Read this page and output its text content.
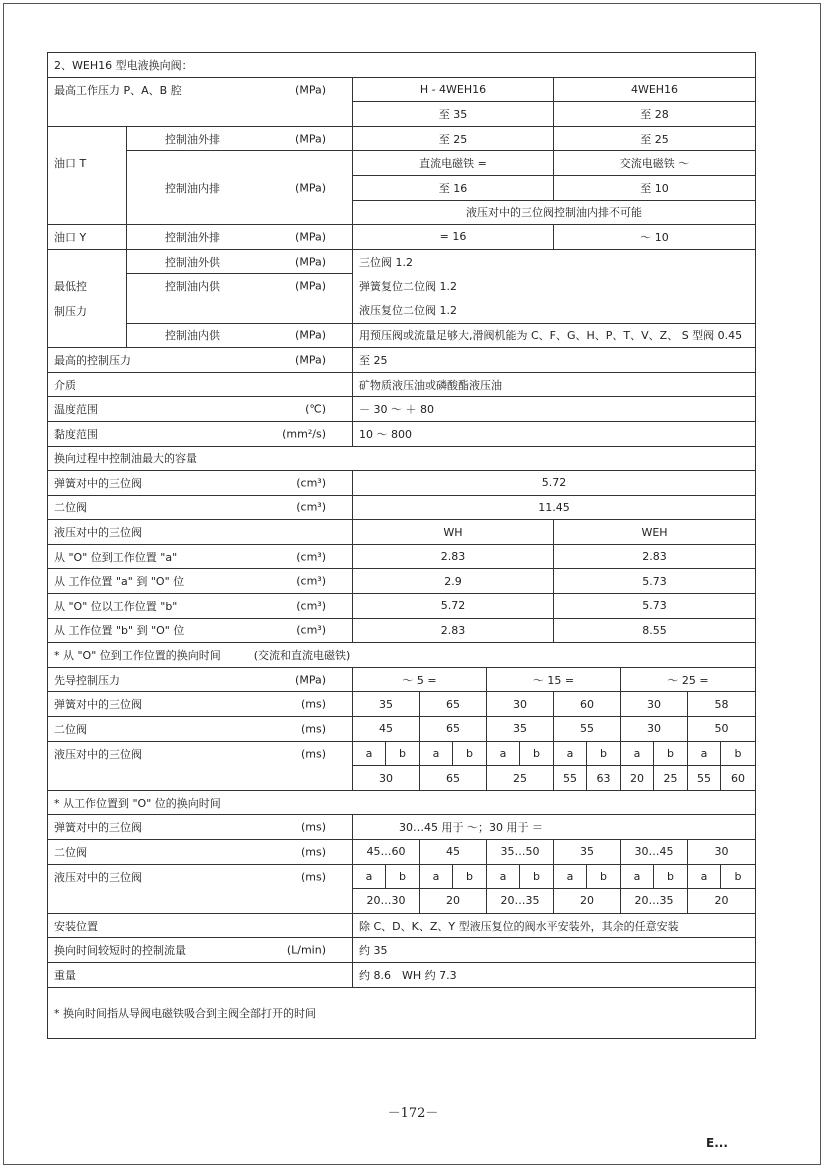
2、WEH16 型电液换向阀：													
最高工作压力 P、A、B 腔 (MPa)		H - 4WEH16						4WEH16					
		至 35						至 28					
	控制油外排 (MPa)	至 25						至 25					
油口 T		直流电磁铁 =						交流电磁铁 ～					
	控制油内排 (MPa)	至 16						至 10					
		液压对中的三位阀控制油内排不可能											
油口 Y	控制油外排 (MPa)	= 16						～ 10					
	控制油外供 (MPa)	三位阀 1.2											
最低控	控制油内供 (MPa)	弹簧复位二位阀 1.2											
制压力		液压复位二位阀 1.2											
	控制油内供 (MPa)	用预压阀或流量足够大,滑阀机能为 C、F、G、H、P、T、V、Z、 S 型阀 0.45											
最高的控制压力 (MPa)		至 25											
介质		矿物质液压油或磷酸酯液压油											
温度范围 (℃)		－ 30 ～ ＋ 80											
黏度范围 (mm²/s)		10 ～ 800											
换向过程中控制油最大的容量													
弹簧对中的三位阀 (cm³)		5.72											
二位阀 (cm³)		11.45											
液压对中的三位阀		WH						WEH					
从 "O" 位到工作位置 "a" (cm³)		2.83						2.83					
从 工作位置 "a" 到 "O" 位 (cm³)		2.9						5.73					
从 "O" 位以工作位置 "b" (cm³)		5.72						5.73					
从 工作位置 "b" 到 "O" 位 (cm³)		2.83						8.55					
* 从 "O" 位到工作位置的换向时间　　　(交流和直流电磁铁)													
先导控制压力 (MPa)		～ 5 =				～ 15 =				～ 25 =			
弹簧对中的三位阀 (ms)		35		65		30		60		30		58	
二位阀 (ms)		45		65		35		55		30		50	
液压对中的三位阀 (ms)		a	b	a	b	a	b	a	b	a	b	a	b
		30		65		25		55	63	20	25	55	60
* 从工作位置到 "O" 位的换向时间													
弹簧对中的三位阀 (ms)		30…45 用于 ～；30 用于 ＝											
二位阀 (ms)		45…60		45		35…50		35		30…45		30	
液压对中的三位阀 (ms)		a	b	a	b	a	b	a	b	a	b	a	b
		20…30		20		20…35		20		20…35		20	
安装位置		除 C、D、K、Z、Y 型液压复位的阀水平安装外，其余的任意安装											
换向时间较短时的控制流量 (L/min)		约 35											
重量		约 8.6　WH 约 7.3											
* 换向时间指从导阀电磁铁吸合到主阀全部打开的时间													
－172－
E...
